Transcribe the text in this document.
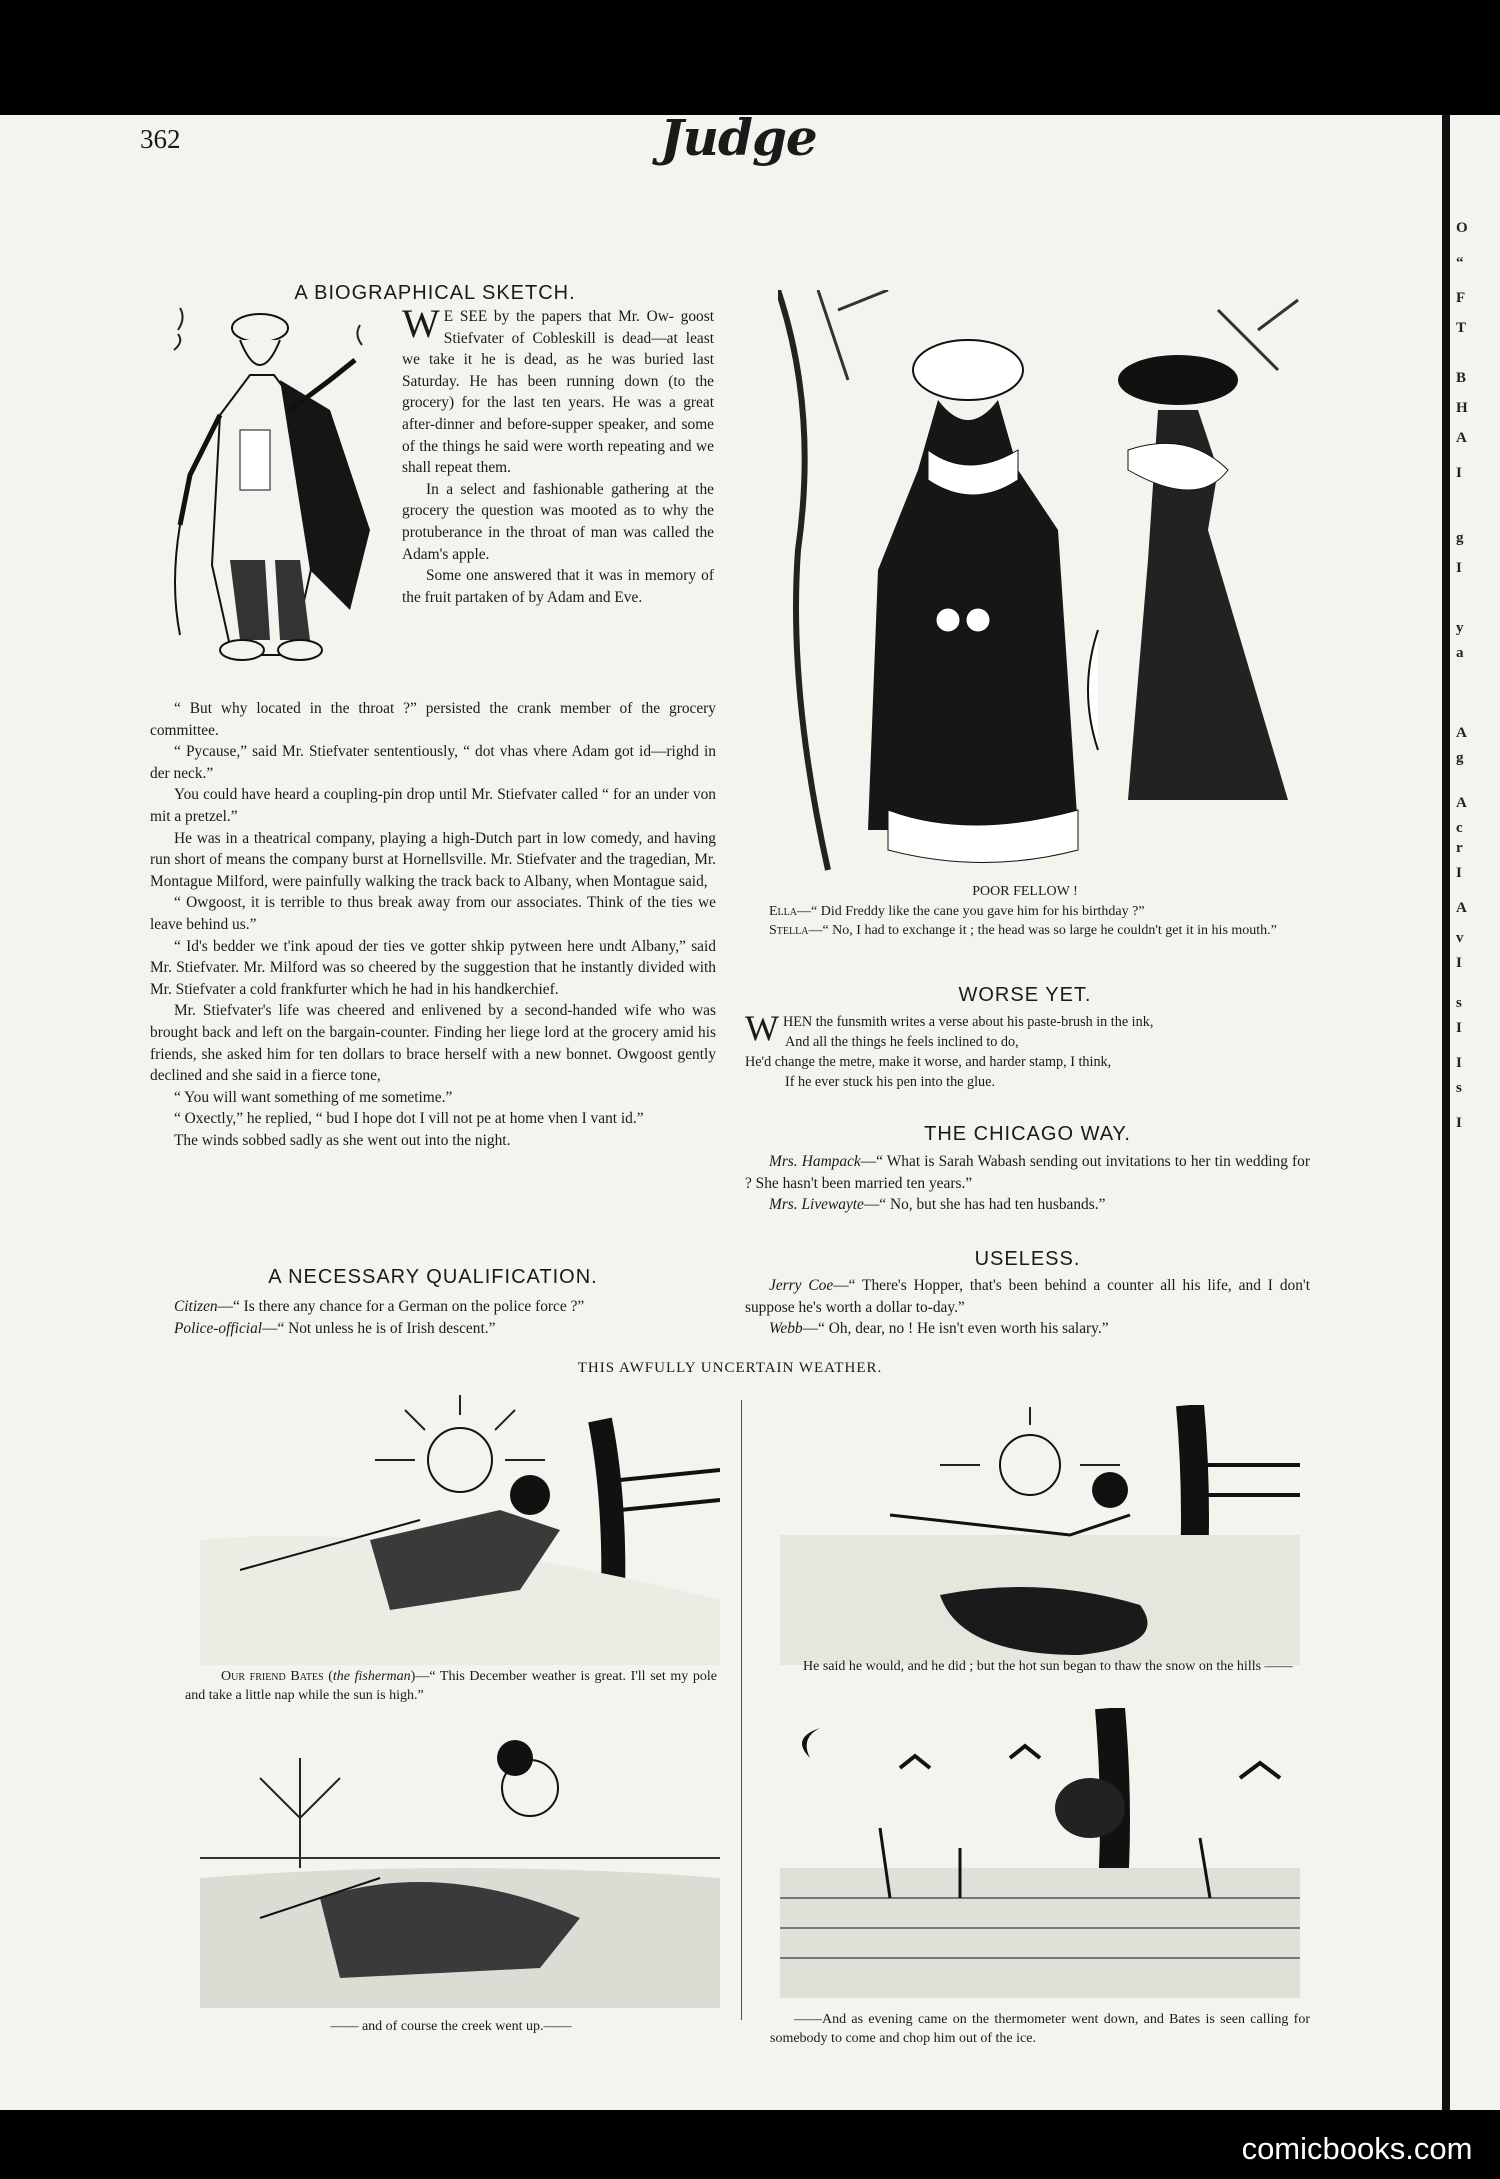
O
“
F
T
B
H
A
I
g
I
y
a
A
g
A
c
r
I
A
v
I
s
I
I
s
I
362	Judge
A BIOGRAPHICAL SKETCH.

W E SEE by the papers that Mr. Ow- goost Stiefvater of Cobleskill is dead—at least we take it he is dead, as he was buried last Saturday. He has been running down (to the grocery) for the last ten years. He was a great after-dinner and before-supper speaker, and some of the things he said were worth repeating and we shall repeat them.

In a select and fashionable gathering at the grocery the question was mooted as to why the protuberance in the throat of man was called the Adam's apple.

Some one answered that it was in memory of the fruit partaken of by Adam and Eve.

“ But why located in the throat ?” persisted the crank member of the grocery committee.

“ Pycause,” said Mr. Stiefvater sententiously, “ dot vhas vhere Adam got id—righd in der neck.”

You could have heard a coupling-pin drop until Mr. Stiefvater called “ for an under von mit a pretzel.”

He was in a theatrical company, playing a high-Dutch part in low comedy, and having run short of means the company burst at Hornellsville. Mr. Stiefvater and the tragedian, Mr. Montague Milford, were painfully walking the track back to Albany, when Montague said,

“ Owgoost, it is terrible to thus break away from our associates. Think of the ties we leave behind us.”

“ Id's bedder we t'ink apoud der ties ve gotter shkip pytween here undt Albany,” said Mr. Stiefvater. Mr. Milford was so cheered by the suggestion that he instantly divided with Mr. Stiefvater a cold frankfurter which he had in his handkerchief.

Mr. Stiefvater's life was cheered and enlivened by a second-handed wife who was brought back and left on the bargain-counter. Finding her liege lord at the grocery amid his friends, she asked him for ten dollars to brace herself with a new bonnet. Owgoost gently declined and she said in a fierce tone,

“ You will want something of me sometime.”

“ Oxectly,” he replied, “ bud I hope dot I vill not pe at home vhen I vant id.”

The winds sobbed sadly as she went out into the night.

A NECESSARY QUALIFICATION.

Citizen—“ Is there any chance for a German on the police force ?”

Police-official—“ Not unless he is of Irish descent.”

POOR FELLOW !
Ella—“ Did Freddy like the cane you gave him for his birthday ?”
Stella—“ No, I had to exchange it ; the head was so large he couldn't get it in his mouth.”
WORSE YET.
WHEN the funsmith writes a verse about his paste-brush in the ink,
And all the things he feels inclined to do,
He'd change the metre, make it worse, and harder stamp, I think,
If he ever stuck his pen into the glue.
THE CHICAGO WAY.

Mrs. Hampack—“ What is Sarah Wabash sending out invitations to her tin wedding for ? She hasn't been married ten years.”

Mrs. Livewayte—“ No, but she has had ten husbands.”

USELESS.

Jerry Coe—“ There's Hopper, that's been behind a counter all his life, and I don't suppose he's worth a dollar to-day.”

Webb—“ Oh, dear, no ! He isn't even worth his salary.”

THIS AWFULLY UNCERTAIN WEATHER.
Our friend Bates (the fisherman)—“ This December weather is great. I'll set my pole and take a little nap while the sun is high.”
He said he would, and he did ; but the hot sun began to thaw the snow on the hills ——
—— and of course the creek went up.——	——And as evening came on the thermometer went down, and Bates is seen calling for somebody to come and chop him out of the ice.
comicbooks.com
